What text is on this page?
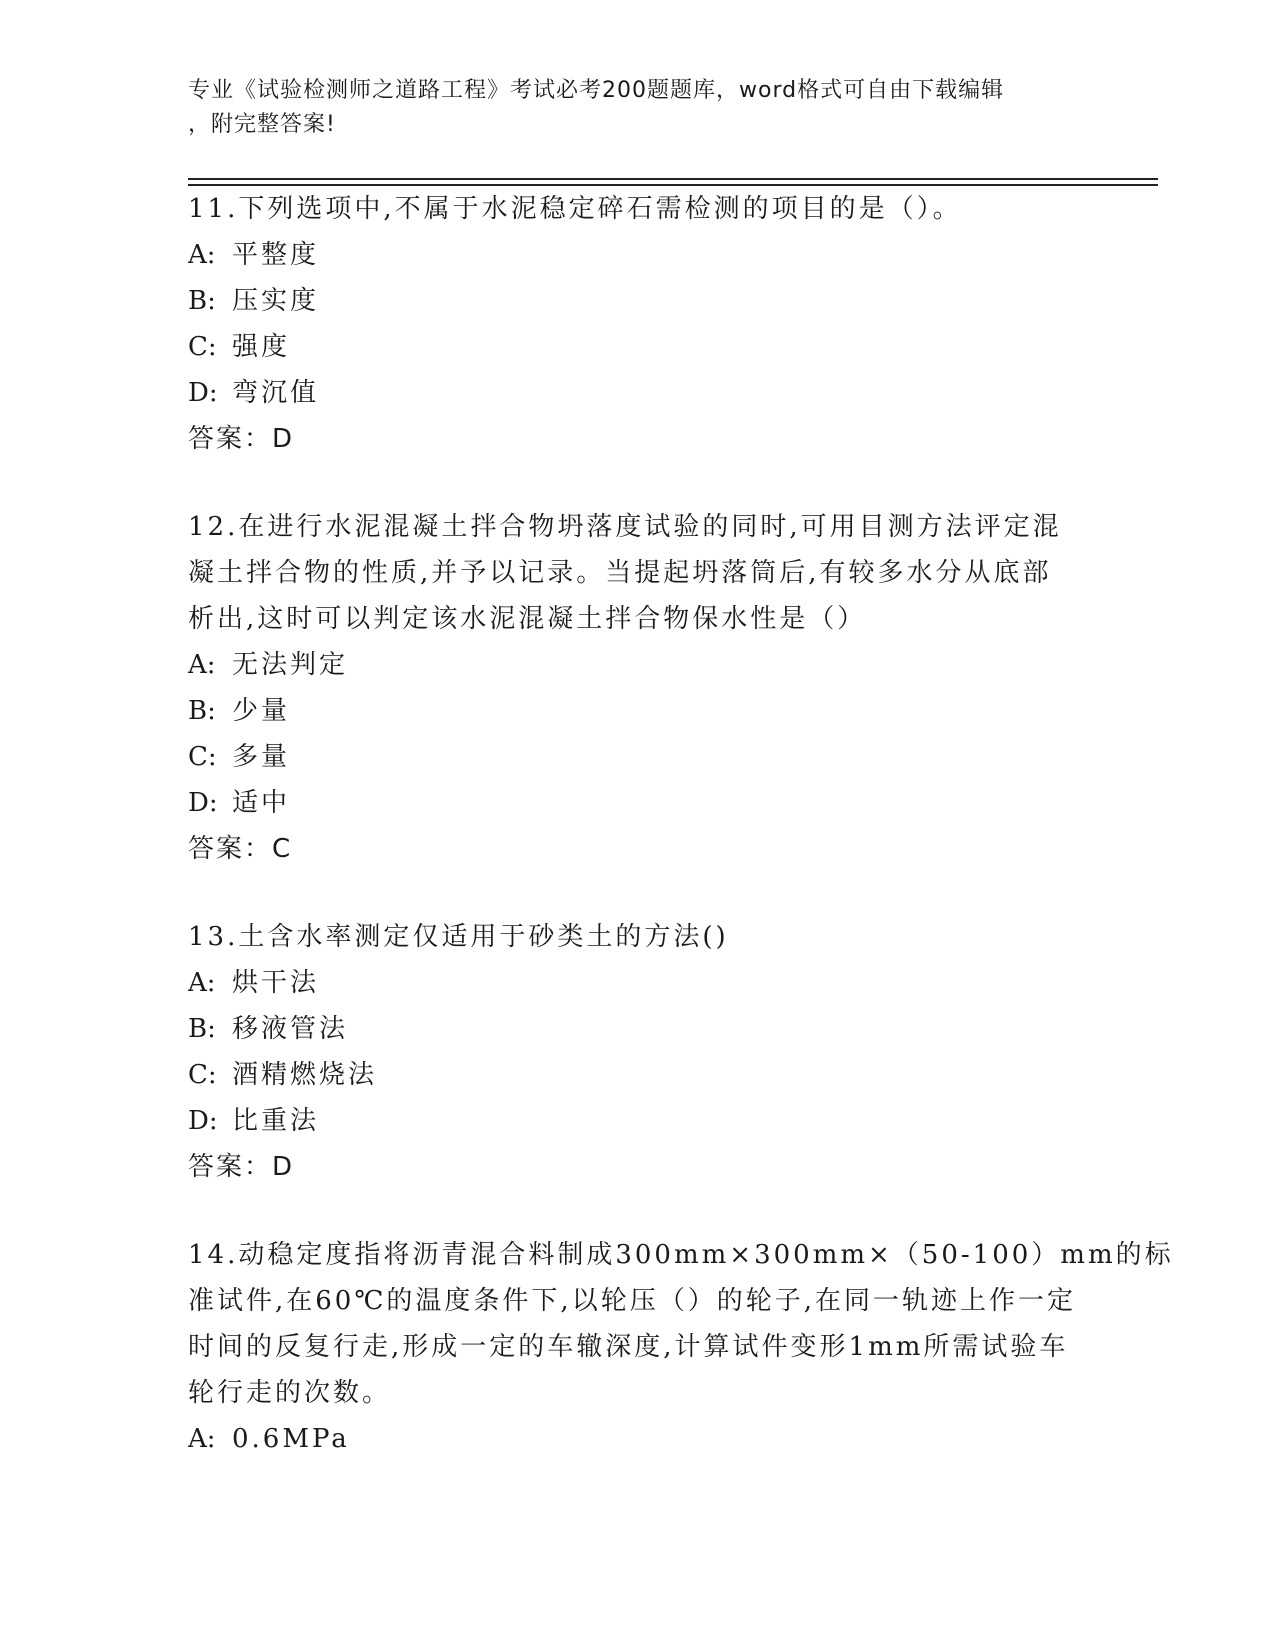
专业《试验检测师之道路工程》考试必考200题题库，word格式可自由下载编辑
，附完整答案!
11.下列选项中,不属于水泥稳定碎石需检测的项目的是（）。
A: 平整度
B: 压实度
C: 强度
D: 弯沉值
答案：D
12.在进行水泥混凝土拌合物坍落度试验的同时,可用目测方法评定混
凝土拌合物的性质,并予以记录。当提起坍落筒后,有较多水分从底部
析出,这时可以判定该水泥混凝土拌合物保水性是（）
A: 无法判定
B: 少量
C: 多量
D: 适中
答案：C
13.土含水率测定仅适用于砂类土的方法()
A: 烘干法
B: 移液管法
C: 酒精燃烧法
D: 比重法
答案：D
14.动稳定度指将沥青混合料制成300mm×300mm×（50-100）mm的标
准试件,在60℃的温度条件下,以轮压（）的轮子,在同一轨迹上作一定
时间的反复行走,形成一定的车辙深度,计算试件变形1mm所需试验车
轮行走的次数。
A: 0.6MPa
